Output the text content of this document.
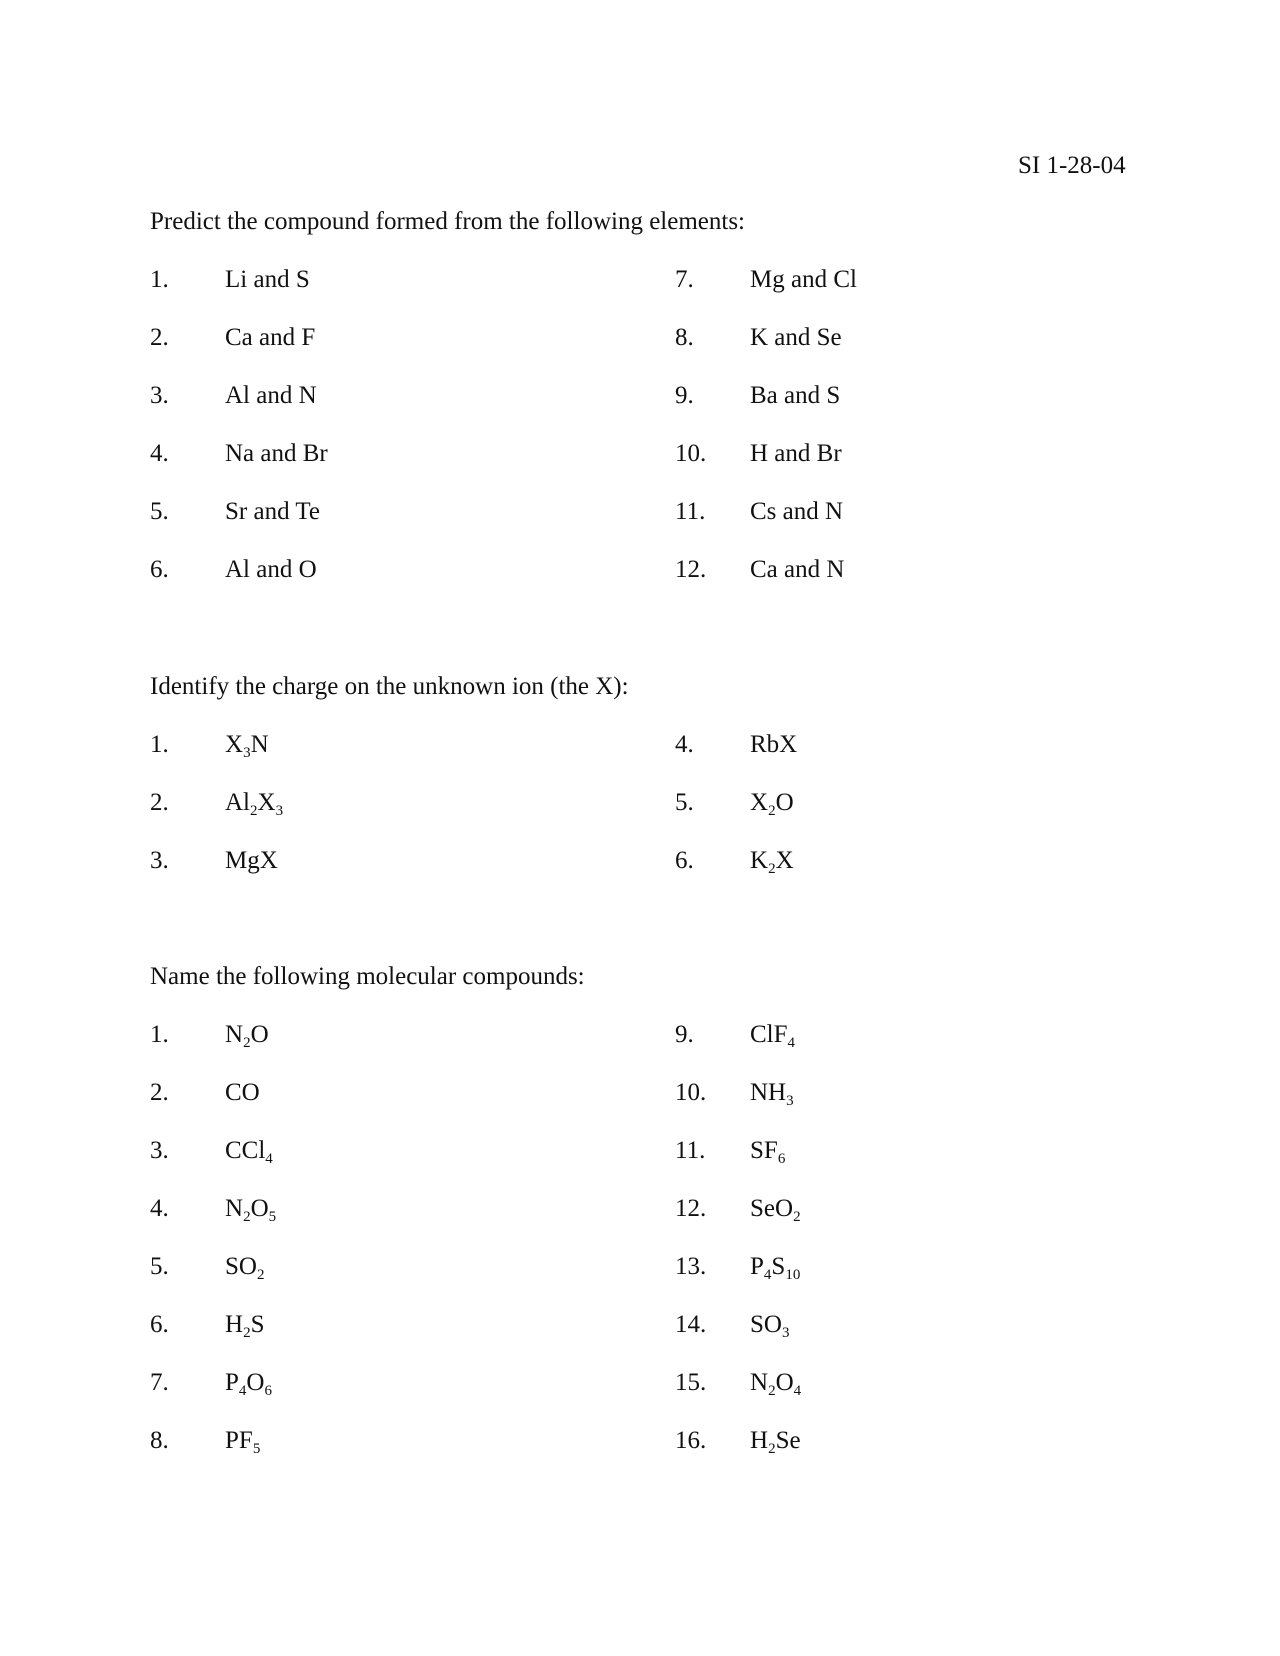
SI 1-28-04
Predict the compound formed from the following elements:
1. Li and S
2. Ca and F
3. Al and N
4. Na and Br
5. Sr and Te
6. Al and O
7. Mg and Cl
8. K and Se
9. Ba and S
10. H and Br
11. Cs and N
12. Ca and N
Identify the charge on the unknown ion (the X):
1. $X_3N$
2. $Al_2X_3$
3. MgX
4. RbX
5. $X_2O$
6. $K_2X$
Name the following molecular compounds:
1. $N_2O$
2. CO
3. CCl$_4$
4. $N_2O_5$
5. $SO_2$
6. $H_2S$
7. $P_4O_6$
8. $PF_5$
9. ClF$_4$
10. $NH_3$
11. $SF_6$
12. SeO$_2$
13. $P_4S_{10}$
14. $SO_3$
15. $N_2O_4$
16. $H_2Se$
